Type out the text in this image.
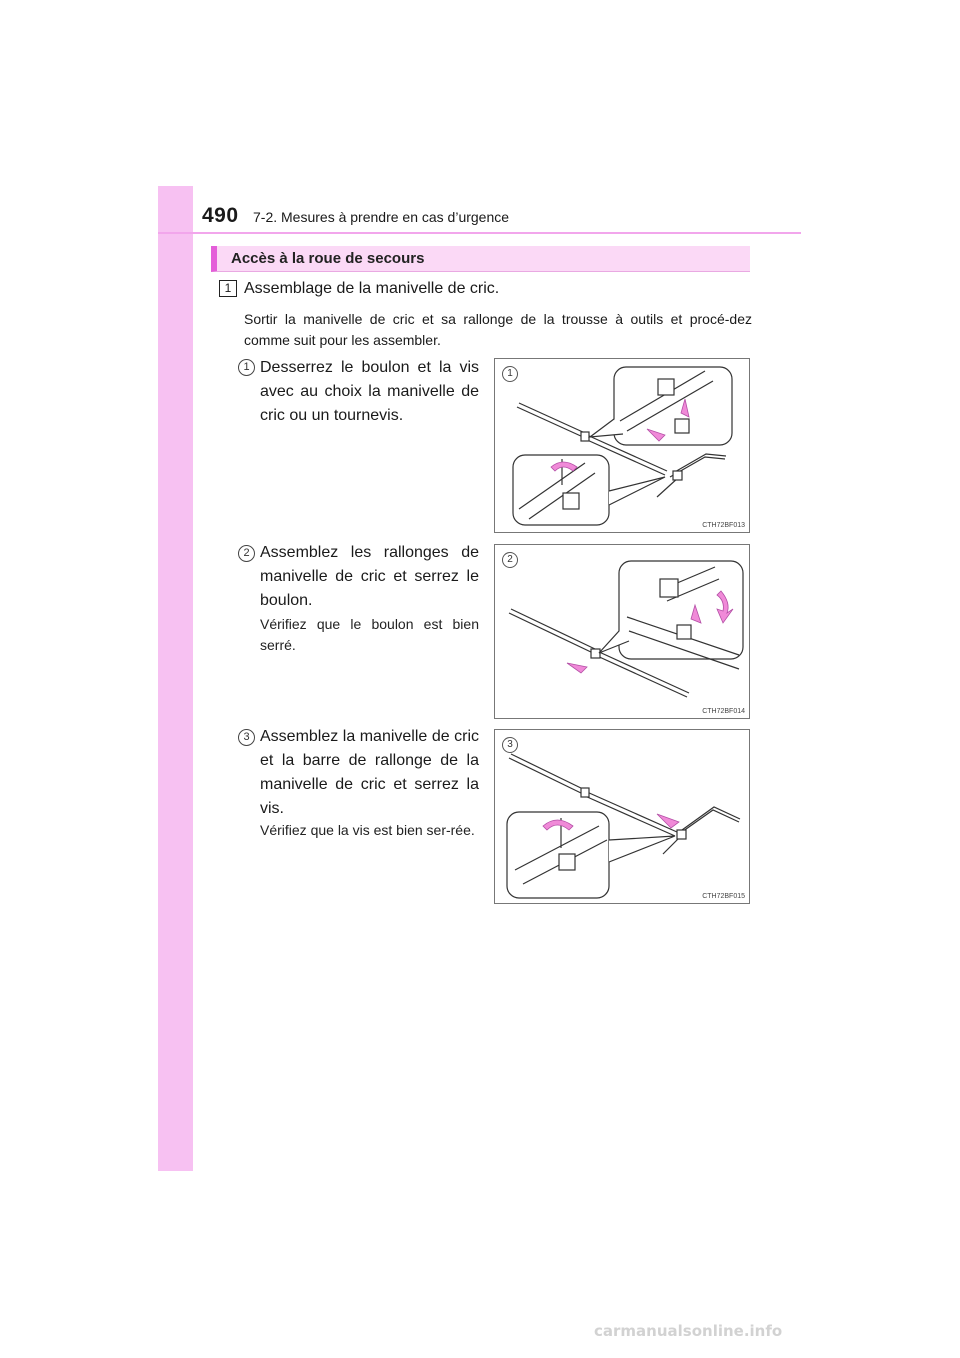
490 7-2. Mesures à prendre en cas d’urgence
Accès à la roue de secours
1 Assemblage de la manivelle de cric.
Sortir la manivelle de cric et sa rallonge de la trousse à outils et procé-dez comme suit pour les assembler.
1 Desserrez le boulon et la vis avec au choix la manivelle de cric ou un tournevis.
2 Assemblez les rallonges de manivelle de cric et serrez le boulon.
Vérifiez que le boulon est bien serré.
3 Assemblez la manivelle de cric et la barre de rallonge de la manivelle de cric et serrez la vis.
Vérifiez que la vis est bien ser-rée.
1
CTH72BF013
2
CTH72BF014
3
CTH72BF015
carmanualsonline.info
